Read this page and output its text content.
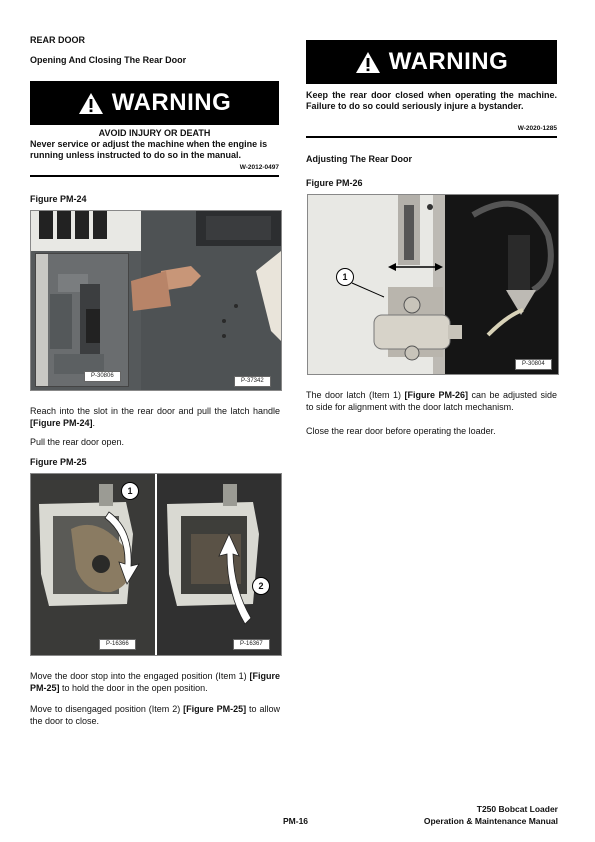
REAR DOOR
Opening And Closing The Rear Door
WARNING
AVOID INJURY OR DEATH
Never service or adjust the machine when the engine is running unless instructed to do so in the manual.
W-2012-0497
Figure PM-24
P-30806
P-37342
Reach into the slot in the rear door and pull the latch handle [Figure PM-24].
Pull the rear door open.
Figure PM-25
1
2
P-16366	P-16367
Move the door stop into the engaged position (Item 1) [Figure PM-25] to hold the door in the open position.
Move to disengaged position (Item 2) [Figure PM-25] to allow the door to close.
WARNING
Keep the rear door closed when operating the machine. Failure to do so could seriously injure a bystander.
W-2020-1285
Adjusting The Rear Door
Figure PM-26
1
P-30804
The door latch (Item 1) [Figure PM-26] can be adjusted side to side for alignment with the door latch mechanism.
Close the rear door before operating the loader.
PM-16
T250 Bobcat Loader
Operation & Maintenance Manual
